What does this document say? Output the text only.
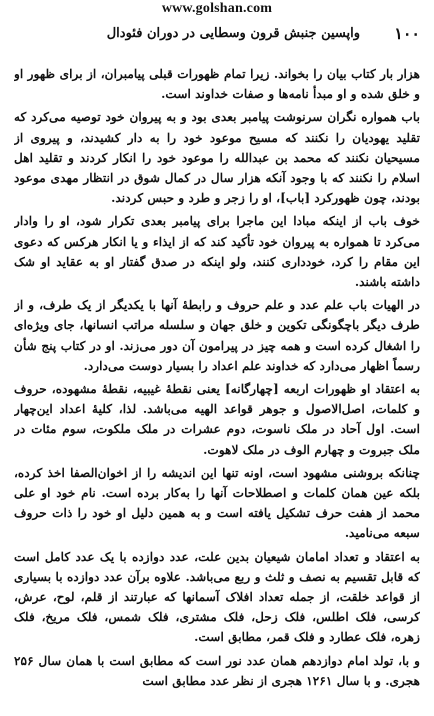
www.golshan.com
۱۰۰
واپسین جنبش قرون وسطایی در دوران فئودال

هزار بار کتاب بیان را بخواند. زیرا تمام ظهورات قبلی پیامبران، از برای ظهور او و خلق شده و او مبدأ نامه‌ها و صفات خداوند است.

باب همواره نگران سرنوشت پیامبر بعدی بود و به پیروان خود توصیه می‌کرد که تقلید یهودیان را نکنند که مسیح موعود خود را به دار کشیدند، و پیروی از مسیحیان نکنند که محمد بن عبدالله را موعود خود را انکار کردند و تقلید اهل اسلام را نکنند که با وجود آنکه هزار سال در کمال شوق در انتظار مهدی موعود بودند، چون ظهورکرد [باب]، او را زجر و طرد و حبس کردند.

خوف باب از اینکه مبادا این ماجرا برای پیامبر بعدی تکرار شود، او را وادار می‌کرد تا همواره به پیروان خود تأکید کند که از ایذاء و یا انکار هرکس که دعوی این مقام را کرد، خودداری کنند، ولو اینکه در صدق گفتار او به عقاید او شک داشته باشند.

در الهیات باب علم عدد و علم حروف و رابطهٔ آنها با یکدیگر از یک طرف، و از طرف دیگر باچگونگی تکوین و خلق جهان و سلسله مراتب انسانها، جای ویژه‌ای را اشغال کرده است و همه چیز در پیرامون آن دور می‌زند. او در کتاب پنج شأن رسماً اظهار می‌دارد که خداوند علم اعداد را بسیار دوست می‌دارد.

به اعتقاد او ظهورات اربعه [چهارگانه] یعنی نقطهٔ غیبیه، نقطهٔ مشهوده، حروف و کلمات، اصل‌الاصول و جوهر قواعد الهیه می‌باشد. لذا، کلیهٔ اعداد این‌چهار است. اول آحاد در ملک ناسوت، دوم عشرات در ملک ملکوت، سوم مئات در ملک جبروت و چهارم الوف در ملک لاهوت.

چنانکه بروشنی مشهود است، اونه تنها این اندیشه را از اخوان‌الصفا اخذ کرده، بلکه عین همان کلمات و اصطلاحات آنها را به‌کار برده است. نام خود او علی محمد از هفت حرف تشکیل یافته است و به همین دلیل او خود را ذات حروف سبعه می‌نامید.

به اعتقاد و تعداد امامان شیعیان بدین علت، عدد دوازده با یک عدد کامل است که قابل تقسیم به نصف و ثلث و ربع می‌باشد. علاوه برآن عدد دوازده با بسیاری از قواعد خلقت، از جمله تعداد افلاک آسمانها که عبارتند از قلم، لوح، عرش، کرسی، فلک اطلس، فلک زحل، فلک مشتری، فلک شمس، فلک مریخ، فلک زهره، فلک عطارد و فلک قمر، مطابق است.

و با، تولد امام دوازدهم همان عدد نور است که مطابق است با همان سال ۲۵۶ هجری. و با سال ۱۲۶۱ هجری از نظر عدد مطابق است
